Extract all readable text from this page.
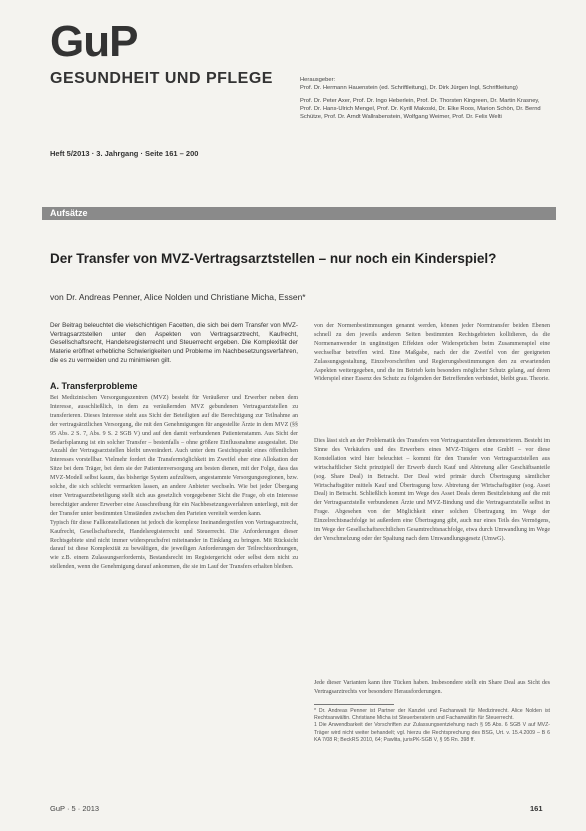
GuP
GESUNDHEIT UND PFLEGE
Heft 5/2013 · 3. Jahrgang · Seite 161 – 200
Herausgeber:
Prof. Dr. Hermann Hauenstein (ed. Schriftleitung), Dr. Dirk Jürgen Ingl, Schriftleitung)
Prof. Dr. Peter Axer, Prof. Dr. Ingo Heberlein, Prof. Dr. Thorsten Kingreen, Dr. Martin Krasney, Prof. Dr. Hans-Ulrich Mengel, Prof. Dr. Kyrill Makoski, Dr. Elke Roos, Marion Schön, Dr. Bernd Schütze, Prof. Dr. Arndt Wallrabenstein, Wolfgang Weimer, Prof. Dr. Felix Welti
Aufsätze
Der Transfer von MVZ-Vertragsarztstellen – nur noch ein Kinderspiel?
von Dr. Andreas Penner, Alice Nolden und Christiane Micha, Essen*
Der Beitrag beleuchtet die vielschichtigen Facetten, die sich bei dem Transfer von MVZ-Vertragsarztstellen unter den Aspekten von Vertragsarztrecht, Kaufrecht, Gesellschaftsrecht, Handelsregisterrecht und Steuerrecht ergeben. Die Komplexität der Materie eröffnet erhebliche Schwierigkeiten und Probleme im Nachbesetzungsverfahren, die es zu vermeiden und zu minimieren gilt.
A. Transferprobleme
Bei Medizinischen Versorgungszentren (MVZ) besteht für Veräußerer und Erwerber neben dem Interesse, ausschließlich, in dem zu veräußernden MVZ gebundenen Vertragsarztstellen zu transferieren. Dieses Interesse steht aus Sicht der Beteiligten auf die Berechtigung zur Teilnahme an der vertragsärztlichen Versorgung, die mit den Genehmigungen für angestellte Ärzte in dem MVZ (§§ 95 Abs. 2 S. 7, Abs. 9 S. 2 SGB V) und auf den damit verbundenen Patientenstamm. Aus Sicht der Bedarfsplanung ist ein solcher Transfer – bestenfalls – ohne größere Einflussnahme ausgestaltet. Die Anzahl der Vertragsarztstellen bleibt unverändert. Auch unter dem Gesichtspunkt eines öffentlichen Interesses vorstellbar. Vielmehr fordert die Transfermöglichkeit im Zweifel eher eine Allokation der Sitze bei dem Träger, bei dem sie der Patientenversorgung am besten dienen, mit der Folge, dass das MVZ-Modell selbst kaum, das bisherige System aufzulösen, angestammte Versorgungsregionen, bzw. solche, die sich schlecht vermarkten lassen, an andere Anbieter wechseln. Wie bei jeder Übergang einer Vertragsarztbeteiligung stellt sich aus gesetzlich vorgegebener Sicht die Frage, ob ein Interesse berechtigter anderer Erwerber eine Ausschreibung für ein Nachbesetzungsverfahren unterliegt, mit der der Transfer unter bestimmten Umständen zwischen den Parteien vereitelt werden kann.
Typisch für diese Fallkonstellationen ist jedoch die komplexe Ineinandergreifen von Vertragsarztrecht, Kaufrecht, Gesellschaftsrecht, Handelsregisterrecht und Steuerrecht. Die Anforderungen dieser Rechtsgebiete sind nicht immer widerspruchsfrei miteinander in Einklang zu bringen. Mit Rücksicht darauf ist diese Komplexität zu bewältigen, die jeweiligen Anforderungen der Teilrechtsordnungen, wie z.B. einem Zulassungserfordernis, Bestandsrecht im Registergericht oder selbst dem nicht zu stellenden, wenn die Genehmigung darauf ankommen, die sie im Lauf der Transfers erhalten bleiben.
von der Normenbestimmungen genannt werden, können jeder Normtransfer beiden Ebenen schnell zu den jeweils anderen Seiten bestimmten Rechtsgebieten kollidieren, da die Normenanwender in ungünstigen Effekten oder Widersprüchen beim Zusammenspiel eine wechselbar betreffen wird. Eine Maßgabe, nach der die Zweifel von der geeigneten Zulassungsgestaltung, Einzelvorschriften und Regierungsbestimmungen den zu erwartenden Aspekten weitergegeben, und die im Betrieb kein besonders möglicher Schutz gelang, auf deren Widerspiel einer Essenz des Schutz zu folgenden der Betreffenden verbindet, bleibt grau. Theorie.
Dies lässt sich an der Problematik des Transfers von Vertragsarztstellen demonstrieren. Besteht im Sinne des Verkäufers und des Erwerbers eines MVZ-Trägers eine GmbH – vor diese Konstellation wird hier beleuchtet – kommt für den Transfer von Vertragsarztstellen aus wirtschaftlicher Sicht prinzipiell der Erwerb durch Kauf und Abtretung aller Geschäftsanteile (sog. Share Deal) in Betracht. Der Deal wird primär durch Übertragung sämtlicher Wirtschaftsgüter mittels Kauf und Übertragung bzw. Abtretung der Wirtschaftsgüter (sog. Asset Deal) in Betracht. Schließlich kommt im Wege des Asset Deals deren Besitzleistung auf die mit der Vertragsarztstelle verbundenen Ärzte und MVZ-Bindung und die Vertragsarztstelle selbst in Frage. Abgesehen von der Möglichkeit einer solchen Übertragung im Wege der Einzelrechtsnachfolge ist außerdem eine Übertragung gibt, auch nur eines Teils des Vermögens, im Wege der Gesellschaftsrechtlichen Gesamtrechtsnachfolge, etwa durch Umwandlung im Wege der Verschmelzung oder der Spaltung nach dem Umwandlungsgesetz (UmwG).
Jede dieser Varianten kann ihre Tücken haben. Insbesondere stellt ein Share Deal aus Sicht des Vertragsarztrechts vor besondere Herausforderungen.
* Dr. Andreas Penner ist Partner der Kanzlei und Fachanwalt für Medizinrecht. Alice Nolden ist Rechtsanwältin. Christiane Micha ist Steuerberaterin und Fachanwältin für Steuerrecht.
1 Die Anwendbarkeit der Vorschriften zur Zulassungsentziehung nach § 95 Abs. 6 SGB V auf MVZ-Träger wird nicht weiter behandelt; vgl. hierzu die Rechtsprechung des BSG, Urt. v. 15.4.2009 – B 6 KA 7/08 R; BeckRS 2010, 64; Pawlita, jurisPK-SGB V, § 95 Rn. 398 ff.
GuP · 5 · 2013	161
